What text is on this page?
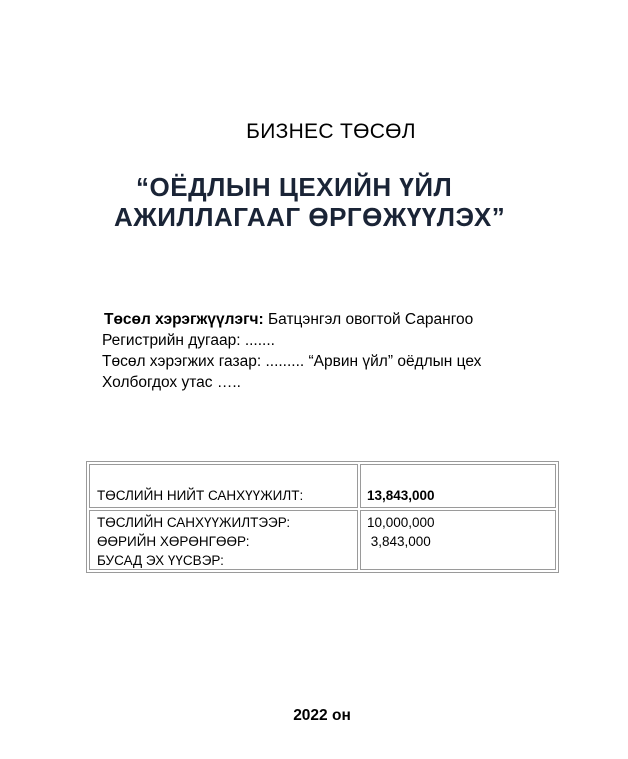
БИЗНЕС ТӨСӨЛ
“ОЁДЛЫН ЦЕХИЙН ҮЙЛ
АЖИЛЛАГААГ ӨРГӨЖҮҮЛЭХ”
Төсөл хэрэгжүүлэгч: Батцэнгэл овогтой Сарангоо
Регистрийн дугаар: .......
Төсөл хэрэгжих газар: ......... “Арвин үйл” оёдлын цех
Холбогдох утас …..
ТӨСЛИЙН НИЙТ САНХҮҮЖИЛТ:	13,843,000
ТӨСЛИЙН САНХҮҮЖИЛТЭЭР:
ӨӨРИЙН ХӨРӨНГӨӨР:
БУСАД ЭХ ҮҮСВЭР:
10,000,000
3,843,000
2022 он
